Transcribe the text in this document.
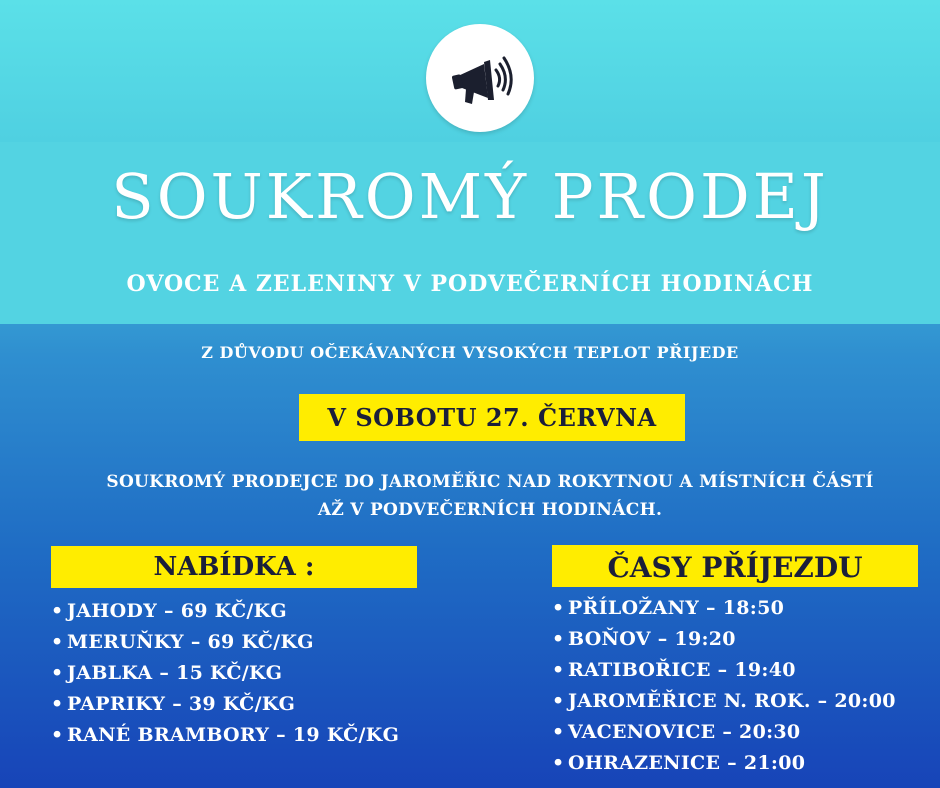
SOUKROMÝ PRODEJ
OVOCE A ZELENINY V PODVEČERNÍCH HODINÁCH
Z DŮVODU OČEKÁVANÝCH VYSOKÝCH TEPLOT PŘIJEDE
V SOBOTU 27. ČERVNA
SOUKROMÝ PRODEJCE DO JAROMĚŘIC NAD ROKYTNOU A MÍSTNÍCH ČÁSTÍ
AŽ V PODVEČERNÍCH HODINÁCH.
NABÍDKA :
• JAHODY – 69 KČ/KG
• MERUŇKY – 69 KČ/KG
• JABLKA – 15 KČ/KG
• PAPRIKY – 39 KČ/KG
• RANÉ BRAMBORY – 19 KČ/KG
ČASY PŘÍJEZDU
• PŘÍLOŽANY – 18:50
• BOŇOV – 19:20
• RATIBOŘICE – 19:40
• JAROMĚŘICE N. ROK. – 20:00
• VACENOVICE – 20:30
• OHRAZENICE – 21:00
